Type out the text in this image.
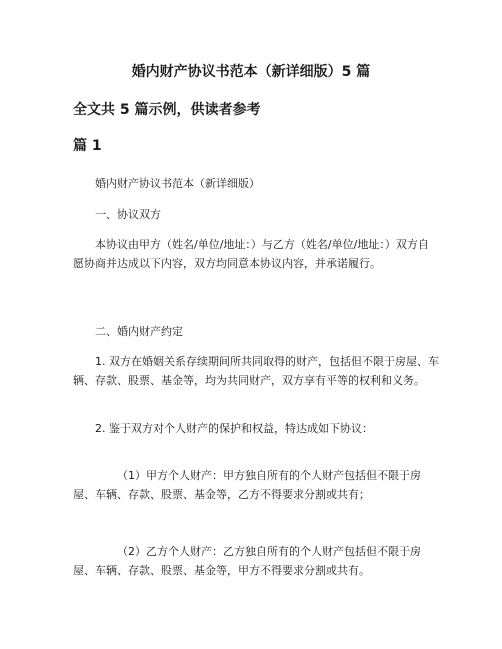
婚内财产协议书范本（新详细版）5 篇
全文共 5 篇示例，供读者参考
篇 1

婚内财产协议书范本（新详细版）

一、协议双方

本协议由甲方（姓名/单位/地址：）与乙方（姓名/单位/地址：）双方自愿协商并达成以下内容，双方均同意本协议内容，并承诺履行。

二、婚内财产约定

1. 双方在婚姻关系存续期间所共同取得的财产，包括但不限于房屋、车辆、存款、股票、基金等，均为共同财产，双方享有平等的权利和义务。

2. 鉴于双方对个人财产的保护和权益，特达成如下协议：

（1）甲方个人财产：甲方独自所有的个人财产包括但不限于房屋、车辆、存款、股票、基金等，乙方不得要求分割或共有；

（2）乙方个人财产：乙方独自所有的个人财产包括但不限于房屋、车辆、存款、股票、基金等，甲方不得要求分割或共有。
